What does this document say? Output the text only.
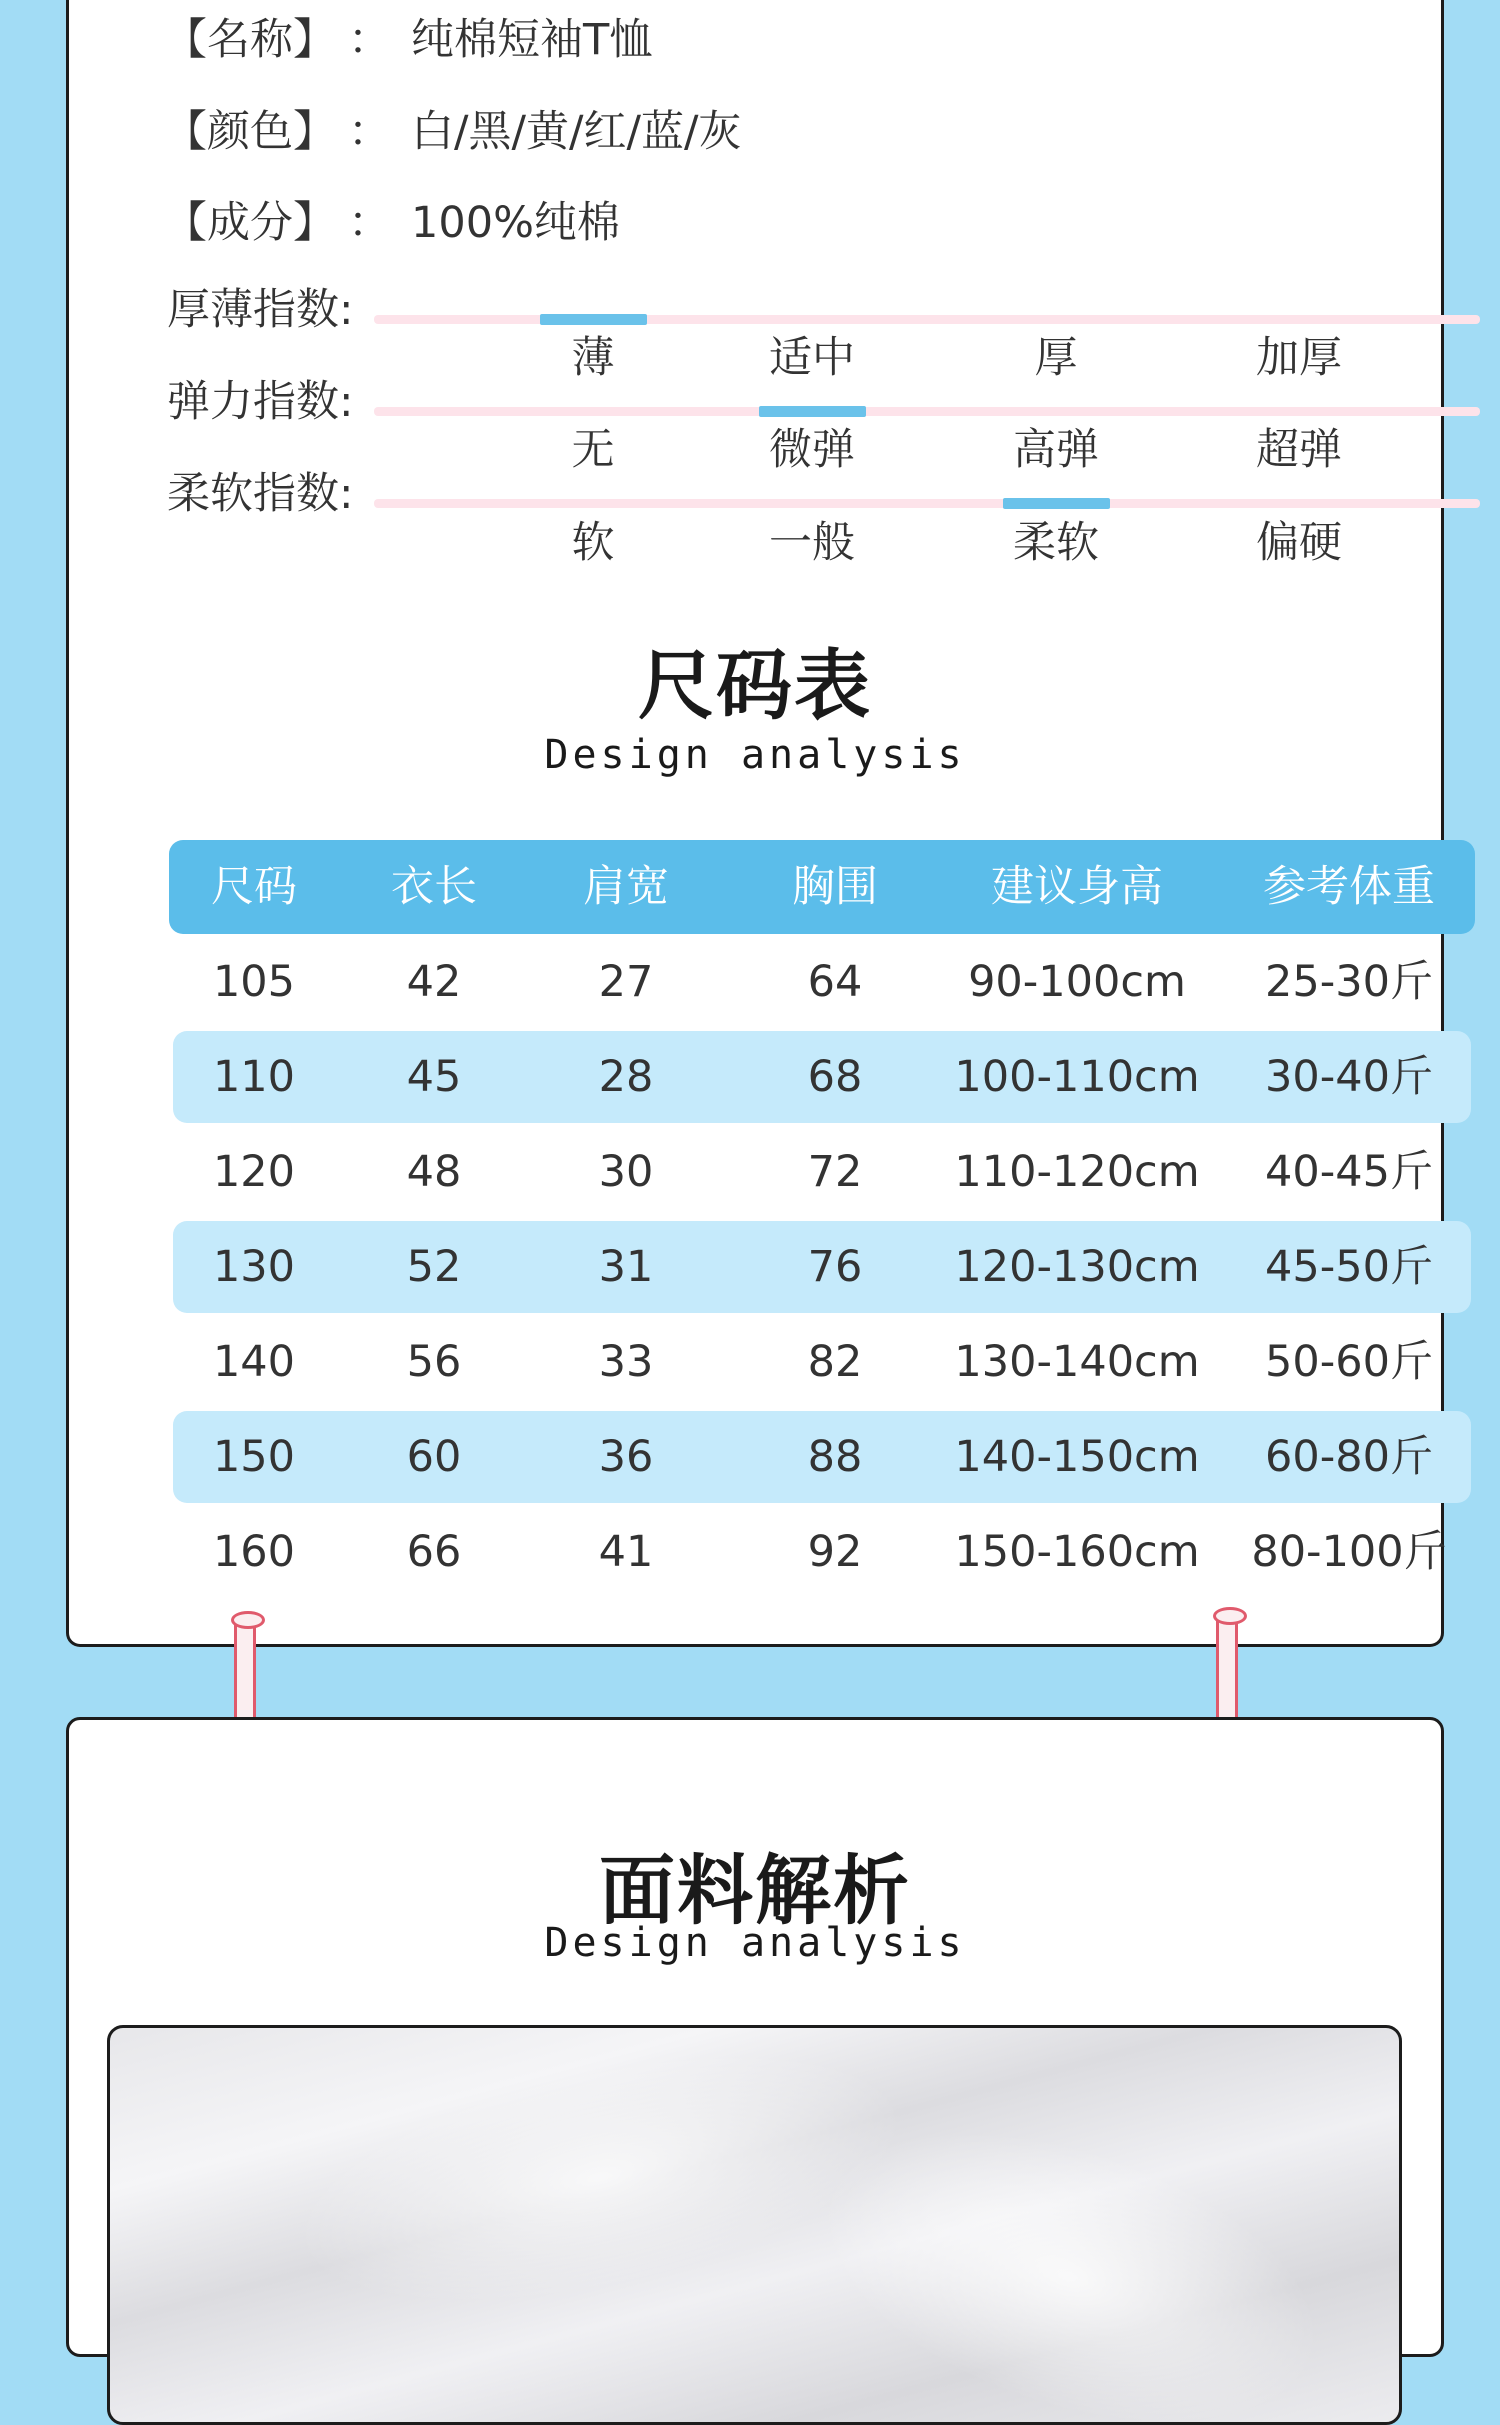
【名称】 ： 纯棉短袖T恤
【颜色】 ： 白/黑/黄/红/蓝/灰
【成分】 ： 100%纯棉
厚薄指数:
薄	适中	厚	加厚
弹力指数:
无	微弹	高弹	超弹
柔软指数:
软	一般	柔软	偏硬
尺码表
Design analysis
尺码	衣长	肩宽	胸围	建议身高	参考体重
105	42	27	64	90-100cm	25-30斤
110	45	28	68	100-110cm	30-40斤
120	48	30	72	110-120cm	40-45斤
130	52	31	76	120-130cm	45-50斤
140	56	33	82	130-140cm	50-60斤
150	60	36	88	140-150cm	60-80斤
160	66	41	92	150-160cm	80-100斤
面料解析
Design analysis
